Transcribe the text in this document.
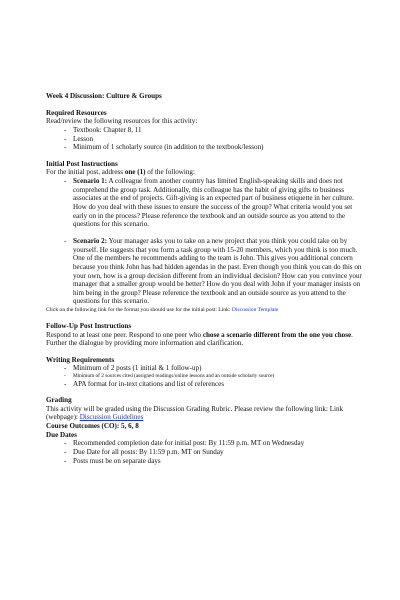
Week 4 Discussion: Culture & Groups

Required Resources

Read/review the following resources for this activity:

- Textbook: Chapter 8, 11
- Lesson
- Minimum of 1 scholarly source (in addition to the textbook/lesson)

Initial Post Instructions

For the initial post, address one (1) of the following:

- Scenario 1: A colleague from another country has limited English-speaking skills and does not comprehend the group task. Additionally, this colleague has the habit of giving gifts to business associates at the end of projects. Gift-giving is an expected part of business etiquette in her culture. How do you deal with these issues to ensure the success of the group? What criteria would you set early on in the process? Please reference the textbook and an outside source as you attend to the questions for this scenario.
- Scenario 2: Your manager asks you to take on a new project that you think you could take on by yourself. He suggests that you form a task group with 15-20 members, which you think is too much. One of the members he recommends adding to the team is John. This gives you additional concern because you think John has had hidden agendas in the past. Even though you think you can do this on your own, how is a group decision different from an individual decision? How can you convince your manager that a smaller group would be better? How do you deal with John if your manager insists on him being in the group? Please reference the textbook and an outside source as you attend to the questions for this scenario.

Click on the following link for the format you should use for the initial post: Link: Discussion Template

Follow-Up Post Instructions

Respond to at least one peer. Respond to one peer who chose a scenario different from the one you chose. Further the dialogue by providing more information and clarification.

Writing Requirements

- Minimum of 2 posts (1 initial & 1 follow-up)
- Minimum of 2 sources cited (assigned readings/online lessons and an outside scholarly source)
- APA format for in-text citations and list of references

Grading

This activity will be graded using the Discussion Grading Rubric. Please review the following link: Link (webpage): Discussion Guidelines

Course Outcomes (CO): 5, 6, 8

Due Dates

- Recommended completion date for initial post: By 11:59 p.m. MT on Wednesday
- Due Date for all posts: By 11:59 p.m. MT on Sunday
- Posts must be on separate days
